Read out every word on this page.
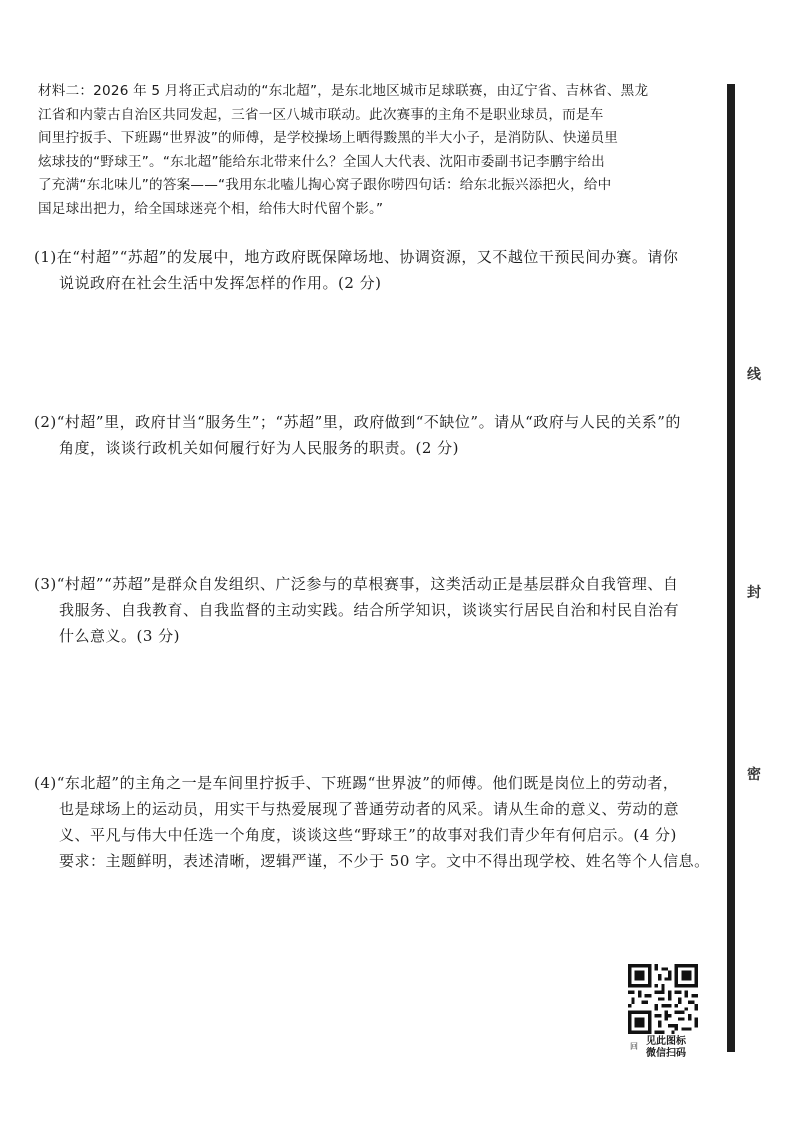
材料二：2026 年 5 月将正式启动的“东北超”，是东北地区城市足球联赛，由辽宁省、吉林省、黑龙
江省和内蒙古自治区共同发起，三省一区八城市联动。此次赛事的主角不是职业球员，而是车
间里拧扳手、下班踢“世界波”的师傅，是学校操场上晒得黢黑的半大小子，是消防队、快递员里
炫球技的“野球王”。“东北超”能给东北带来什么？全国人大代表、沈阳市委副书记李鹏宇给出
了充满“东北味儿”的答案——“我用东北嗑儿掏心窝子跟你唠四句话：给东北振兴添把火，给中
国足球出把力，给全国球迷亮个相，给伟大时代留个影。”
(1)在“村超”“苏超”的发展中，地方政府既保障场地、协调资源，又不越位干预民间办赛。请你
说说政府在社会生活中发挥怎样的作用。(2 分)
(2)“村超”里，政府甘当“服务生”；“苏超”里，政府做到“不缺位”。请从“政府与人民的关系”的
角度，谈谈行政机关如何履行好为人民服务的职责。(2 分)
(3)“村超”“苏超”是群众自发组织、广泛参与的草根赛事，这类活动正是基层群众自我管理、自
我服务、自我教育、自我监督的主动实践。结合所学知识，谈谈实行居民自治和村民自治有
什么意义。(3 分)
(4)“东北超”的主角之一是车间里拧扳手、下班踢“世界波”的师傅。他们既是岗位上的劳动者，
也是球场上的运动员，用实干与热爱展现了普通劳动者的风采。请从生命的意义、劳动的意
义、平凡与伟大中任选一个角度，谈谈这些“野球王”的故事对我们青少年有何启示。(4 分)
要求：主题鲜明，表述清晰，逻辑严谨，不少于 50 字。文中不得出现学校、姓名等个人信息。
线
封
密
回 见此图标
微信扫码
